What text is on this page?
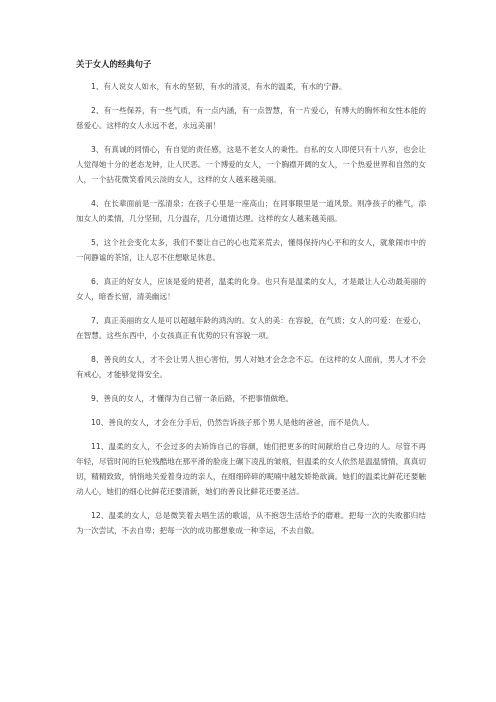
关于女人的经典句子

1、有人说女人如水，有水的坚韧，有水的清灵，有水的温柔，有水的宁静。

2、有一些保养，有一些气质，有一点内涵，有一点智慧，有一片爱心，有博大的胸怀和女性本能的慈爱心。这样的女人永远不老，永远美丽！

3、有真诚的同情心，有自觉的责任感，这是不老女人的秉性。自私的女人即使只有十八岁，也会让人觉得她十分的老态龙钟，让人厌恶。一个博爱的女人，一个胸襟开阔的女人，一个热爱世界和自然的女人，一个拈花微笑看风云淡的女人，这样的女人越来越美丽。

4、在长辈面前是一泓清泉；在孩子心里是一座高山；在同事眼里是一道风景。则净孩子的稚气，添加女人的柔情，几分坚韧，几分温存，几分通情达理。这样的女人越来越美丽。

5、这个社会变化太多，我们不要让自己的心也荒来荒去，懂得保持内心平和的女人，就象闹市中的一间静谧的茶馆，让人忍不住想歇足休息。

6、真正的好女人，应该是爱的使者，温柔的化身。也只有是温柔的女人，才是最让人心动最美丽的女人，暗香长留，清美幽远！

7、真正美丽的女人是可以超越年龄的鸿沟的。女人的美：在容貌，在气质；女人的可爱：在爱心，在智慧。这些东西中，小女孩真正有优势的只有容貌一项。

8、善良的女人，才不会让男人担心害怕，男人对她才会念念不忘。在这样的女人面前，男人才不会有戒心，才能够觉得安全。

9、善良的女人，才懂得为自己留一条后路，不把事情做绝。

10、善良的女人，才会在分手后，仍然告诉孩子那个男人是他的爸爸，而不是仇人。

11、温柔的女人，不会过多的去矫饰自己的容颜，她们把更多的时间献给自己身边的人。尽管不再年轻，尽管时间的巨轮残酷地在那平滑的脸庞上碾下凌乱的皱痕，但温柔的女人依然是温温情情，真真切切，精精致致，悄悄地关爱着身边的亲人，在细细碎碎的呢喃中越发娇艳欲滴。她们的温柔比鲜花还要触动人心，她们的细心比鲜花还要清新，她们的善良比鲜花还要圣洁。

12、温柔的女人，总是微笑着去唱生活的歌谣，从不抱怨生活给予的磨难。把每一次的失败都归结为一次尝试，不去自卑；把每一次的成功都想象成一种幸运，不去自傲。
